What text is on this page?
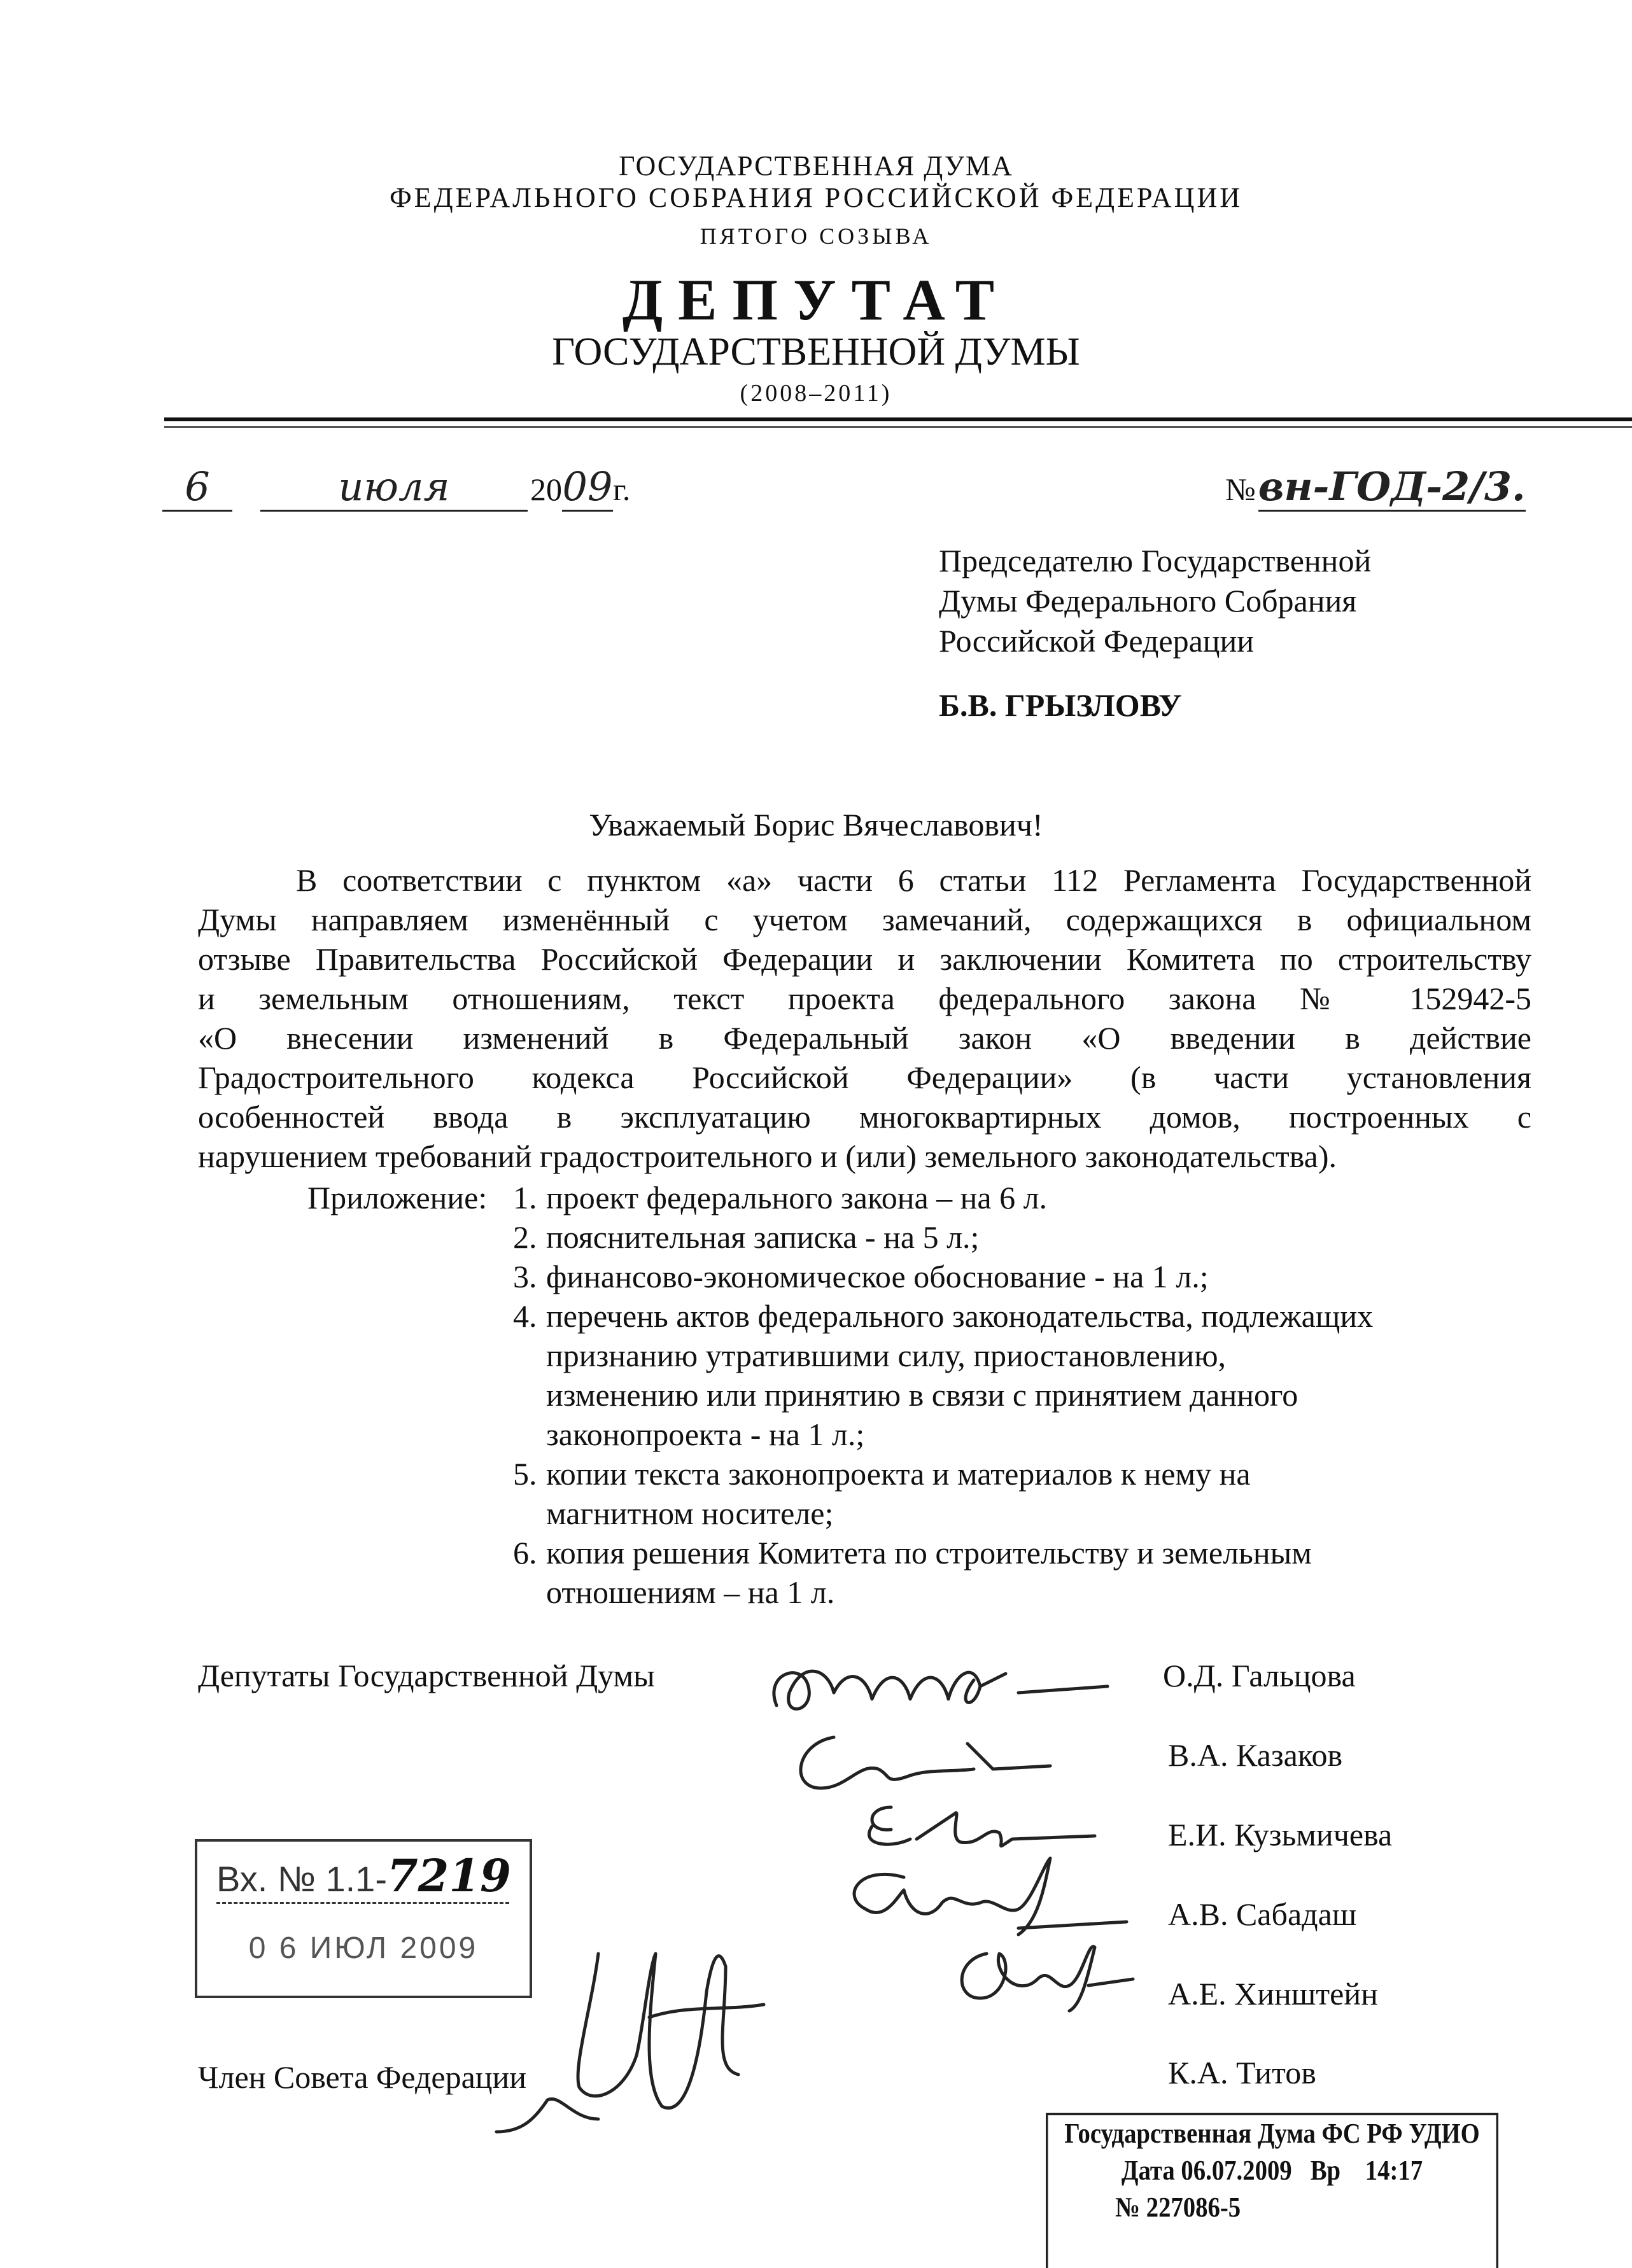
ГОСУДАРСТВЕННАЯ ДУМА
ФЕДЕРАЛЬНОГО СОБРАНИЯ РОССИЙСКОЙ ФЕДЕРАЦИИ
ПЯТОГО СОЗЫВА
ДЕПУТАТ
ГОСУДАРСТВЕННОЙ ДУМЫ
(2008–2011)
6	июля	2009г.	№ вн-ГОД-2/3.
Председателю Государственной
Думы Федерального Собрания
Российской Федерации
Б.В. ГРЫЗЛОВУ
Уважаемый Борис Вячеславович!
В соответствии с пунктом «а» части 6 статьи 112 Регламента Государственной
Думы направляем изменённый с учетом замечаний, содержащихся в официальном
отзыве Правительства Российской Федерации и заключении Комитета по строительству
и земельным отношениям, текст проекта федерального закона № 152942-5
«О внесении изменений в Федеральный закон «О введении в действие
Градостроительного кодекса Российской Федерации» (в части установления
особенностей ввода в эксплуатацию многоквартирных домов, построенных с
нарушением требований градостроительного и (или) земельного законодательства).
Приложение: 1. проект федерального закона – на 6 л.
2. пояснительная записка - на 5 л.;
3. финансово-экономическое обоснование - на 1 л.;
4. перечень актов федерального законодательства, подлежащих
признанию утратившими силу, приостановлению,
изменению или принятию в связи с принятием данного
законопроекта - на 1 л.;
5. копии текста законопроекта и материалов к нему на
магнитном носителе;
6. копия решения Комитета по строительству и земельным
отношениям – на 1 л.
Депутаты Государственной Думы	О.Д. Гальцова
В.А. Казаков
Е.И. Кузьмичева
А.В. Сабадаш
А.Е. Хинштейн
К.А. Титов
Член Совета Федерации
Вх. № 1.1-7219
0 6 ИЮЛ 2009
Государственная Дума ФС РФ УДИО
Дата 06.07.2009   Вр    14:17
№ 227086-5
